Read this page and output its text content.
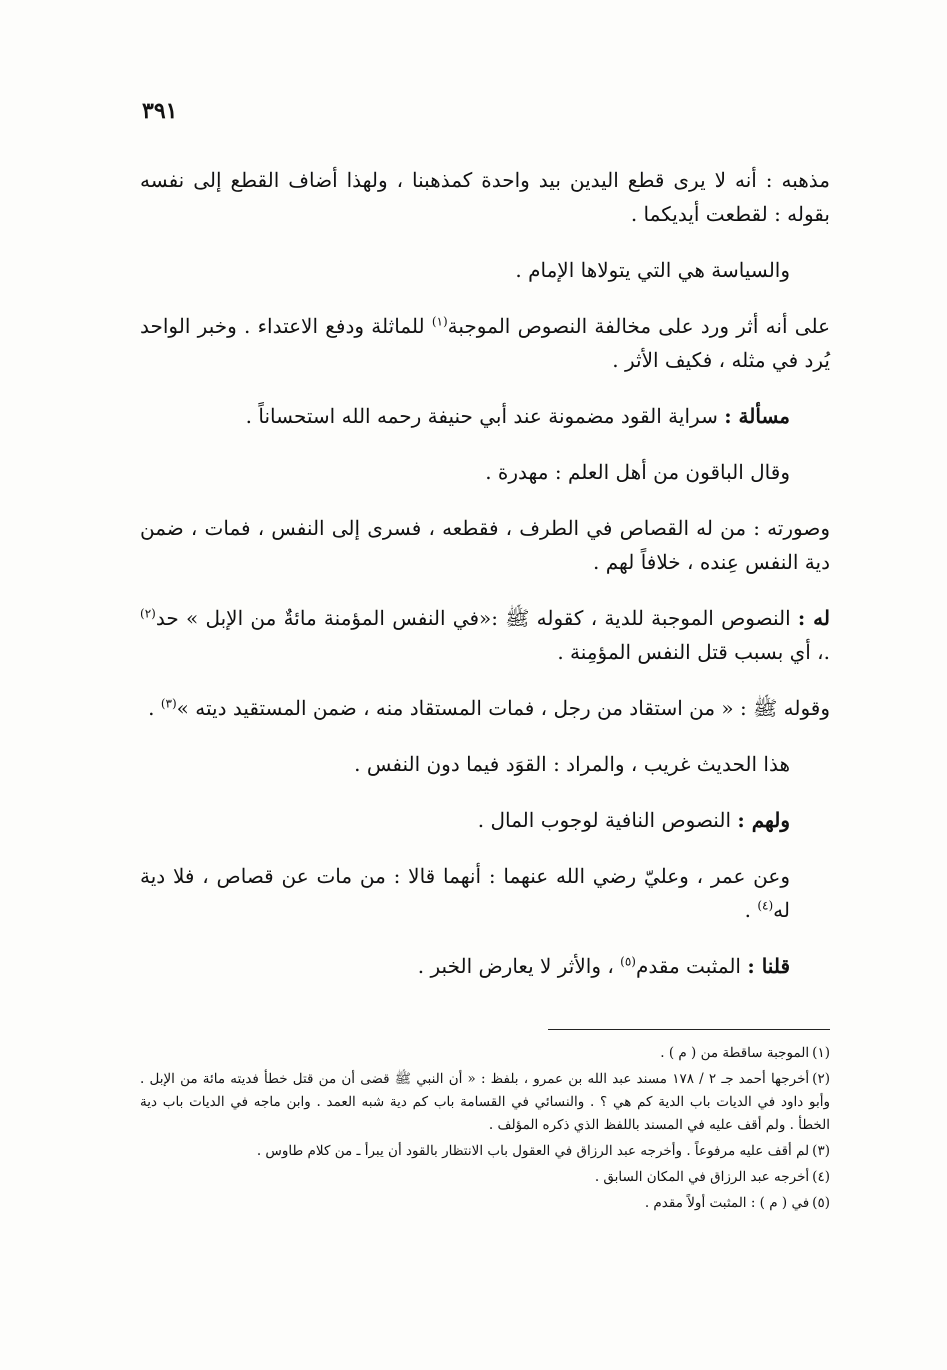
٣٩١

مذهبه : أنه لا يرى قطع اليدين بيد واحدة كمذهبنا ، ولهذا أضاف القطع إلى نفسه بقوله : لقطعت أيديكما .

والسياسة هي التي يتولاها الإمام .

على أنه أثر ورد على مخالفة النصوص الموجبة$^{(١)}$ للماثلة ودفع الاعتداء . وخبر الواحد يُرد في مثله ، فكيف الأثر .

مسألة : سراية القود مضمونة عند أبي حنيفة رحمه الله استحساناً .

وقال الباقون من أهل العلم : مهدرة .

وصورته : من له القصاص في الطرف ، فقطعه ، فسرى إلى النفس ، فمات ، ضمن دية النفس عِنده ، خلافاً لهم .

له : النصوص الموجبة للدية ، كقوله ﷺ :«في النفس المؤمنة مائةٌ من الإبل » حد$^{(٢)}$ .، أي بسبب قتل النفس المؤمِنة .

وقوله ﷺ : « من استقاد من رجل ، فمات المستقاد منه ، ضمن المستقيد ديته »$^{(٣)}$ .

هذا الحديث غريب ، والمراد : القوَد فيما دون النفس .

ولهم : النصوص النافية لوجوب المال .

وعن عمر ، وعليّ رضي الله عنهما : أنهما قالا : من مات عن قصاص ، فلا دية له$^{(٤)}$ .

قلنا : المثبت مقدم$^{(٥)}$ ، والأثر لا يعارض الخبر .

(١)الموجبة ساقطة من ( م ) .

(٢)أخرجها أحمد جـ ٢ / ١٧٨ مسند عبد الله بن عمرو ، بلفظ : « أن النبي ﷺ قضى أن من قتل خطأ فديته مائة من الإبل . وأبو داود في الديات باب الدية كم هي ؟ . والنسائي في القسامة باب كم دية شبه العمد . وابن ماجه في الديات باب دية الخطأ . ولم أقف عليه في المسند باللفظ الذي ذكره المؤلف .

(٣)لم أقف عليه مرفوعاً . وأخرجه عبد الرزاق في العقول باب الانتظار بالقود أن يبرأ ـ من كلام طاوس .

(٤)أخرجه عبد الرزاق في المكان السابق .

(٥)في ( م ) : المثبت أولاً مقدم .
